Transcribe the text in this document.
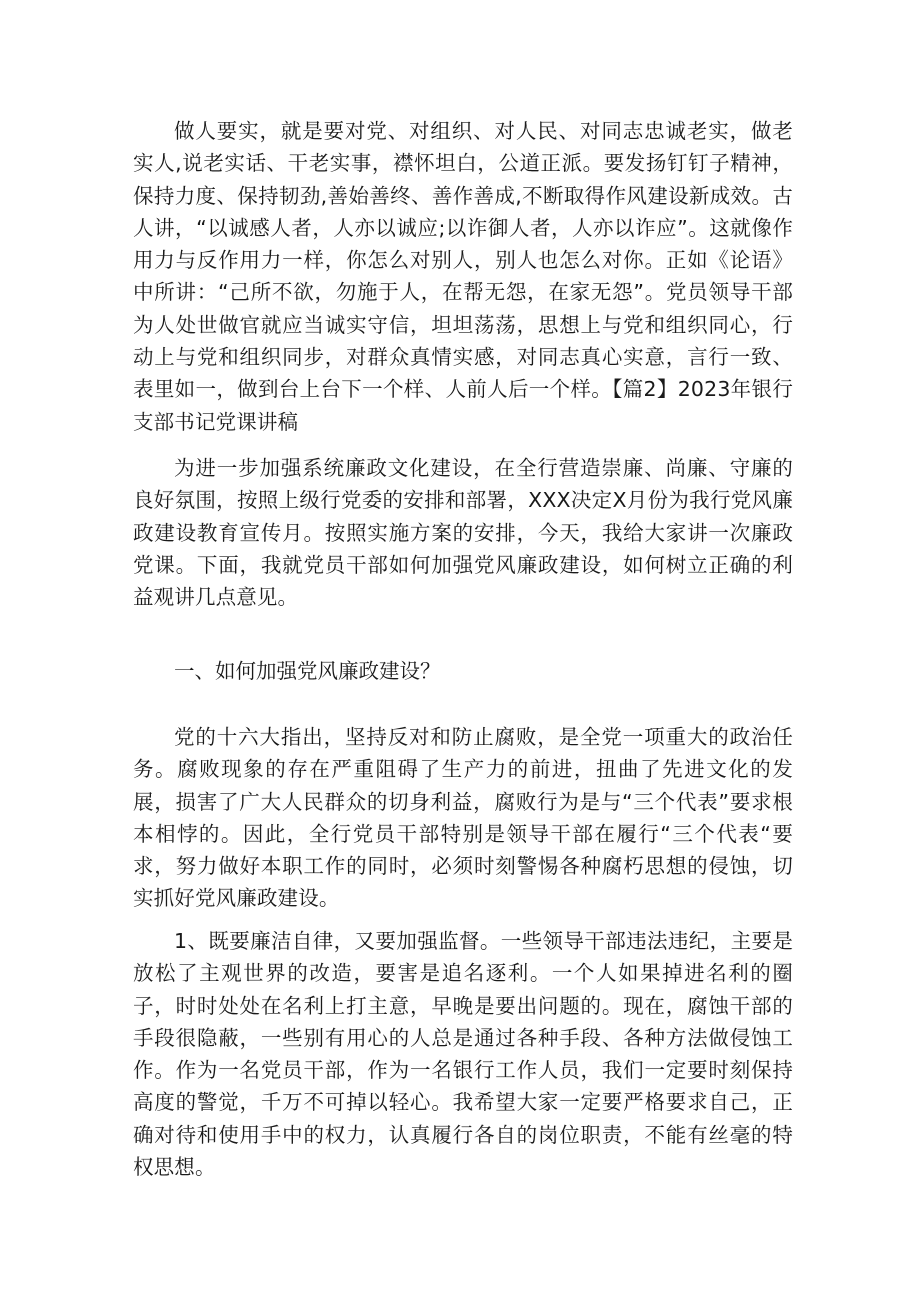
做人要实，就是要对党、对组织、对人民、对同志忠诚老实，做老实人,说老实话、干老实事，襟怀坦白，公道正派。要发扬钉钉子精神，保持力度、保持韧劲,善始善终、善作善成,不断取得作风建设新成效。古人讲，“以诚感人者，人亦以诚应;以诈御人者，人亦以诈应”。这就像作用力与反作用力一样，你怎么对别人，别人也怎么对你。正如《论语》中所讲：“己所不欲，勿施于人，在帮无怨，在家无怨”。党员领导干部为人处世做官就应当诚实守信，坦坦荡荡，思想上与党和组织同心，行动上与党和组织同步，对群众真情实感，对同志真心实意，言行一致、表里如一，做到台上台下一个样、人前人后一个样。【篇2】2023年银行支部书记党课讲稿

为进一步加强系统廉政文化建设，在全行营造崇廉、尚廉、守廉的良好氛围，按照上级行党委的安排和部署，XXX决定X月份为我行党风廉政建设教育宣传月。按照实施方案的安排，今天，我给大家讲一次廉政党课。下面，我就党员干部如何加强党风廉政建设，如何树立正确的利益观讲几点意见。

一、如何加强党风廉政建设？

党的十六大指出，坚持反对和防止腐败，是全党一项重大的政治任务。腐败现象的存在严重阻碍了生产力的前进，扭曲了先进文化的发展，损害了广大人民群众的切身利益，腐败行为是与“三个代表”要求根本相悖的。因此，全行党员干部特别是领导干部在履行“三个代表“要求，努力做好本职工作的同时，必须时刻警惕各种腐朽思想的侵蚀，切实抓好党风廉政建设。

1、既要廉洁自律，又要加强监督。一些领导干部违法违纪，主要是放松了主观世界的改造，要害是追名逐利。一个人如果掉进名利的圈子，时时处处在名利上打主意，早晚是要出问题的。现在，腐蚀干部的手段很隐蔽，一些别有用心的人总是通过各种手段、各种方法做侵蚀工作。作为一名党员干部，作为一名银行工作人员，我们一定要时刻保持高度的警觉，千万不可掉以轻心。我希望大家一定要严格要求自己，正确对待和使用手中的权力，认真履行各自的岗位职责，不能有丝毫的特权思想。
